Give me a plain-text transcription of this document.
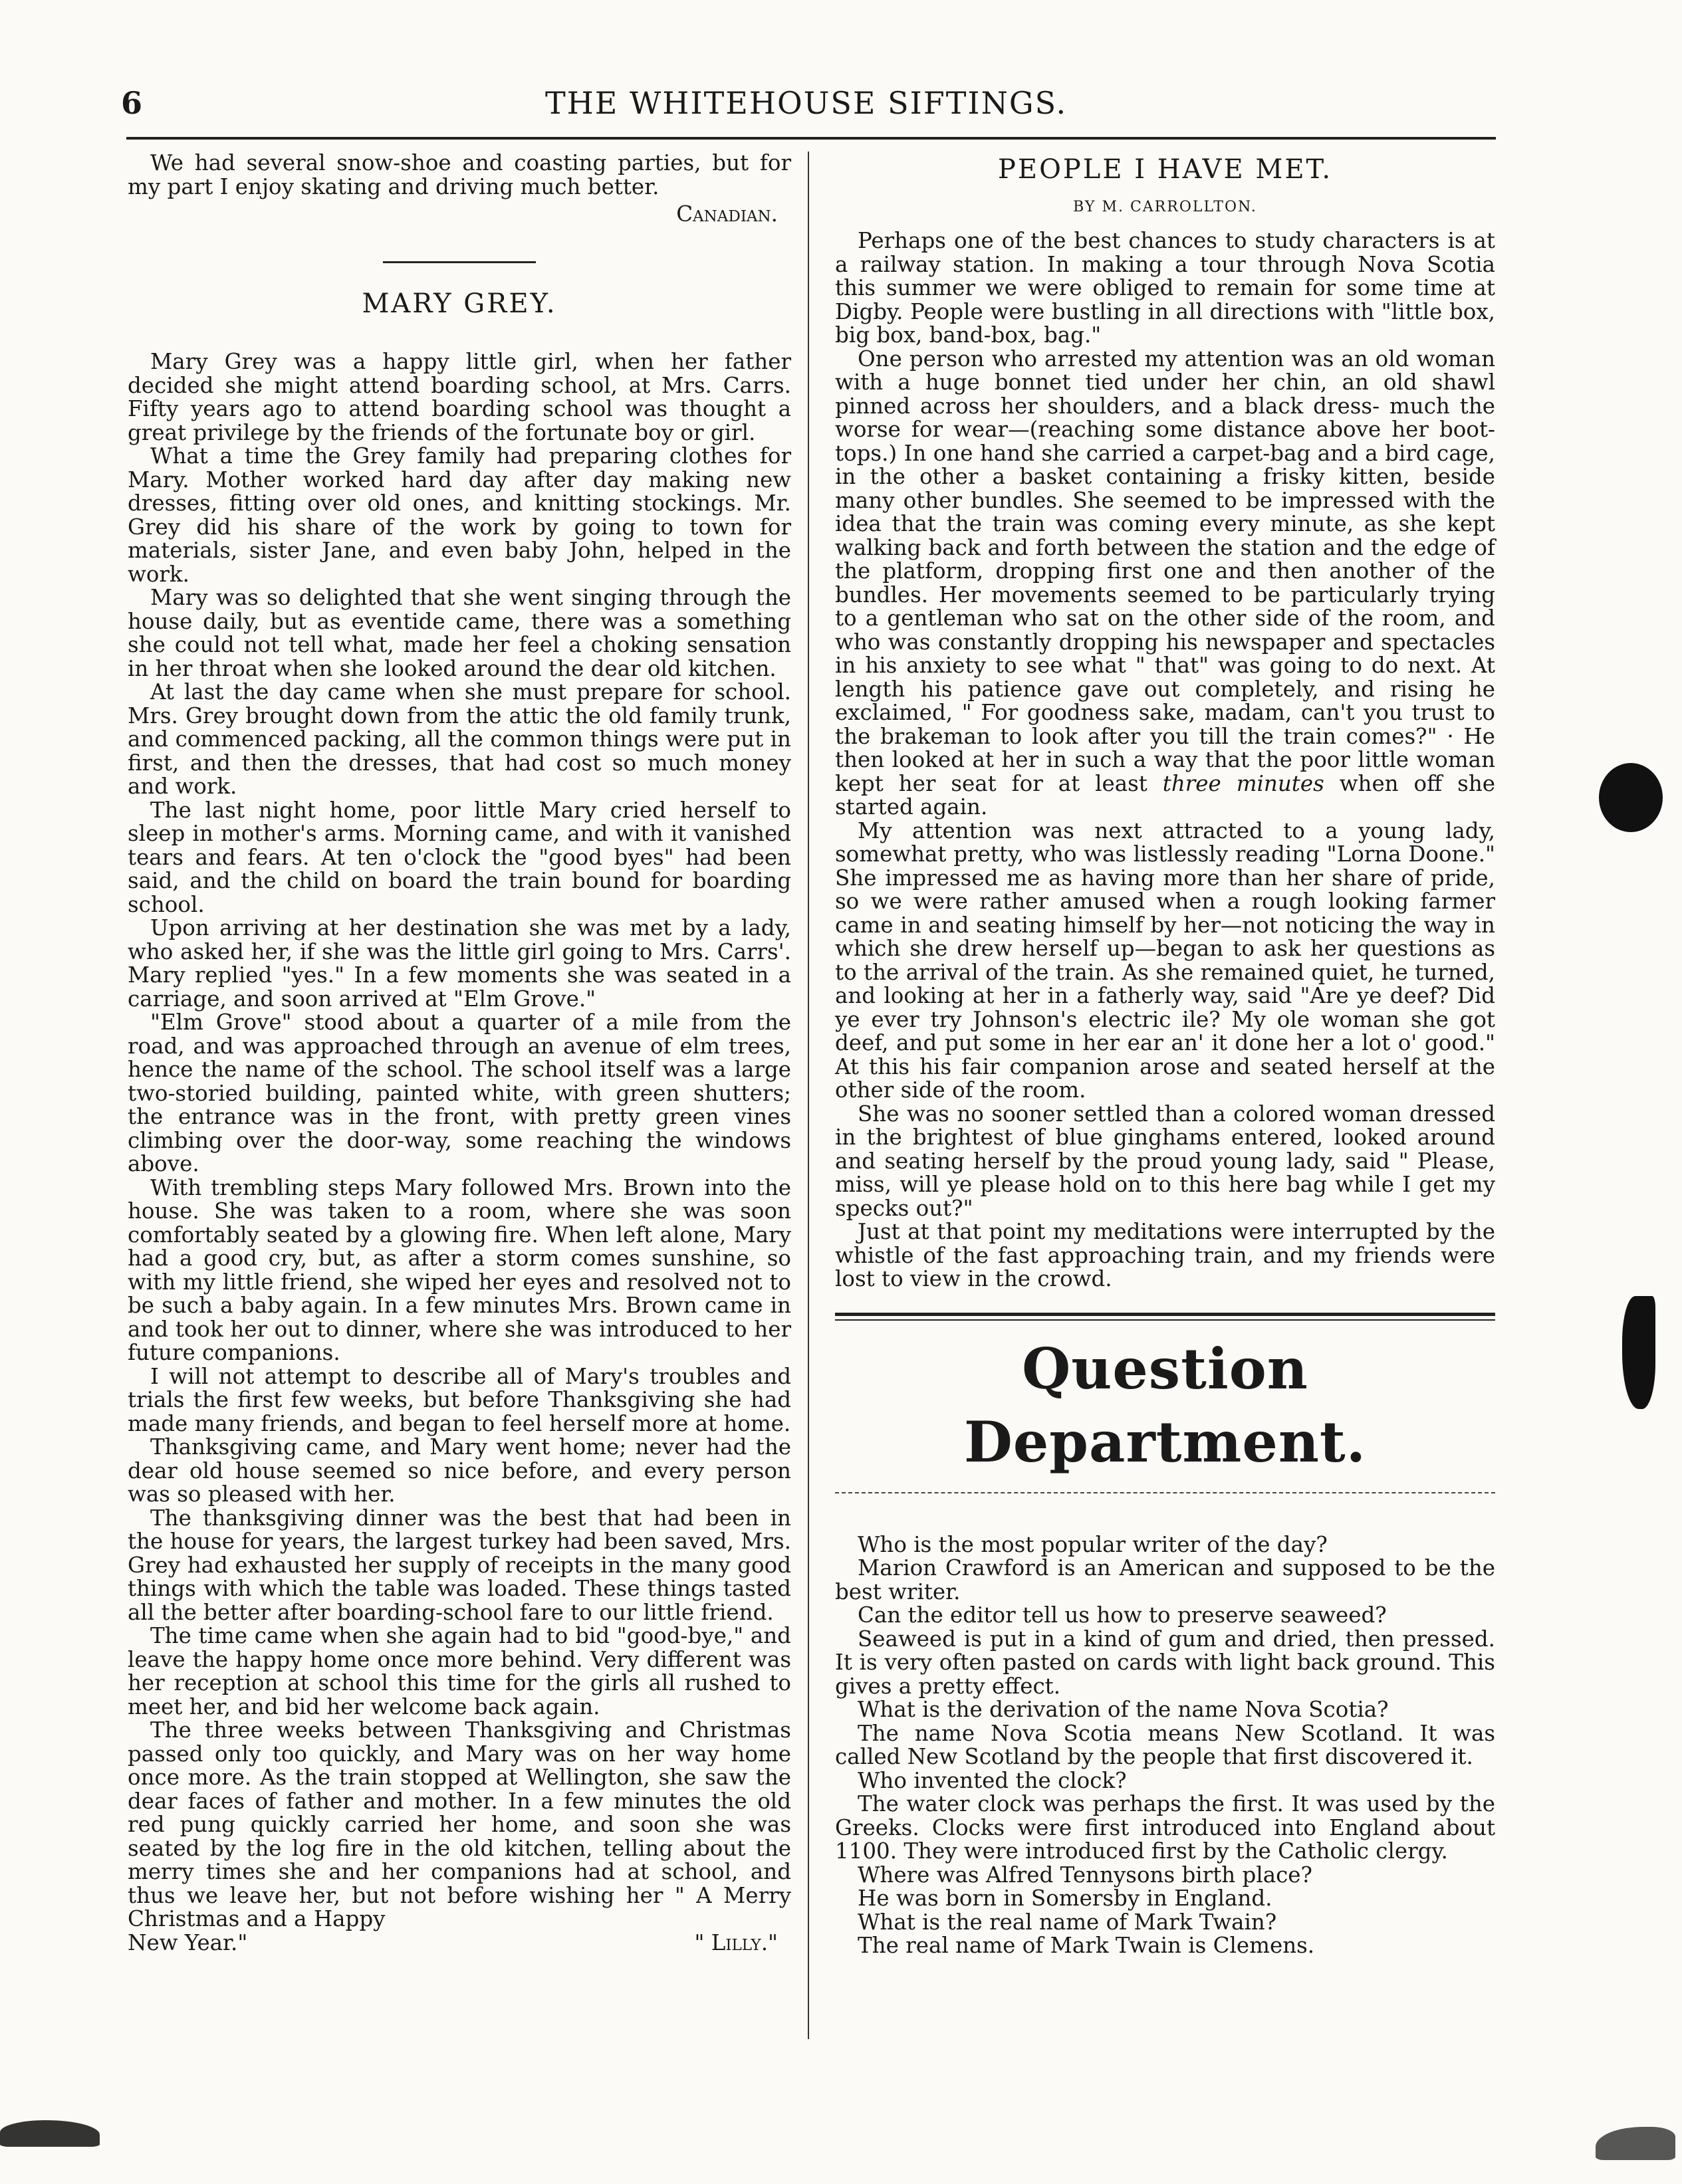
6	THE WHITEHOUSE SIFTINGS.

We had several snow-shoe and coasting parties, but for my part I enjoy skating and driving much better.

Canadian.

MARY GREY.

Mary Grey was a happy little girl, when her father decided she might attend boarding school, at Mrs. Carrs. Fifty years ago to attend boarding school was thought a great privilege by the friends of the fortunate boy or girl.

What a time the Grey family had preparing clothes for Mary. Mother worked hard day after day making new dresses, fitting over old ones, and knitting stockings. Mr. Grey did his share of the work by going to town for materials, sister Jane, and even baby John, helped in the work.

Mary was so delighted that she went singing through the house daily, but as eventide came, there was a something she could not tell what, made her feel a choking sensation in her throat when she looked around the dear old kitchen.

At last the day came when she must prepare for school. Mrs. Grey brought down from the attic the old family trunk, and commenced packing, all the common things were put in first, and then the dresses, that had cost so much money and work.

The last night home, poor little Mary cried herself to sleep in mother's arms. Morning came, and with it vanished tears and fears. At ten o'clock the "good byes" had been said, and the child on board the train bound for boarding school.

Upon arriving at her destination she was met by a lady, who asked her, if she was the little girl going to Mrs. Carrs'. Mary replied "yes." In a few moments she was seated in a carriage, and soon arrived at "Elm Grove."

"Elm Grove" stood about a quarter of a mile from the road, and was approached through an avenue of elm trees, hence the name of the school. The school itself was a large two-storied building, painted white, with green shutters; the entrance was in the front, with pretty green vines climbing over the door-way, some reaching the windows above.

With trembling steps Mary followed Mrs. Brown into the house. She was taken to a room, where she was soon comfortably seated by a glowing fire. When left alone, Mary had a good cry, but, as after a storm comes sunshine, so with my little friend, she wiped her eyes and resolved not to be such a baby again. In a few minutes Mrs. Brown came in and took her out to dinner, where she was introduced to her future companions.

I will not attempt to describe all of Mary's troubles and trials the first few weeks, but before Thanksgiving she had made many friends, and began to feel herself more at home.

Thanksgiving came, and Mary went home; never had the dear old house seemed so nice before, and every person was so pleased with her.

The thanksgiving dinner was the best that had been in the house for years, the largest turkey had been saved, Mrs. Grey had exhausted her supply of receipts in the many good things with which the table was loaded. These things tasted all the better after boarding-school fare to our little friend.

The time came when she again had to bid "good-bye," and leave the happy home once more behind. Very different was her reception at school this time for the girls all rushed to meet her, and bid her welcome back again.

The three weeks between Thanksgiving and Christmas passed only too quickly, and Mary was on her way home once more. As the train stopped at Wellington, she saw the dear faces of father and mother. In a few minutes the old red pung quickly carried her home, and soon she was seated by the log fire in the old kitchen, telling about the merry times she and her companions had at school, and thus we leave her, but not before wishing her " A Merry Christmas and a Happy

New Year."	" Lilly."

PEOPLE I HAVE MET.

BY M. CARROLLTON.

Perhaps one of the best chances to study characters is at a railway station. In making a tour through Nova Scotia this summer we were obliged to remain for some time at Digby. People were bustling in all directions with "little box, big box, band-box, bag."

One person who arrested my attention was an old woman with a huge bonnet tied under her chin, an old shawl pinned across her shoulders, and a black dress- much the worse for wear—(reaching some distance above her boot-tops.) In one hand she carried a carpet-bag and a bird cage, in the other a basket containing a frisky kitten, beside many other bundles. She seemed to be impressed with the idea that the train was coming every minute, as she kept walking back and forth between the station and the edge of the platform, dropping first one and then another of the bundles. Her movements seemed to be particularly trying to a gentleman who sat on the other side of the room, and who was constantly dropping his newspaper and spectacles in his anxiety to see what " that" was going to do next. At length his patience gave out completely, and rising he exclaimed, " For goodness sake, madam, can't you trust to the brakeman to look after you till the train comes?" · He then looked at her in such a way that the poor little woman kept her seat for at least three minutes when off she started again.

My attention was next attracted to a young lady, somewhat pretty, who was listlessly reading "Lorna Doone." She impressed me as having more than her share of pride, so we were rather amused when a rough looking farmer came in and seating himself by her—not noticing the way in which she drew herself up—began to ask her questions as to the arrival of the train. As she remained quiet, he turned, and looking at her in a fatherly way, said "Are ye deef? Did ye ever try Johnson's electric ile? My ole woman she got deef, and put some in her ear an' it done her a lot o' good." At this his fair companion arose and seated herself at the other side of the room.

She was no sooner settled than a colored woman dressed in the brightest of blue ginghams entered, looked around and seating herself by the proud young lady, said " Please, miss, will ye please hold on to this here bag while I get my specks out?"

Just at that point my meditations were interrupted by the whistle of the fast approaching train, and my friends were lost to view in the crowd.

Question Department.

Who is the most popular writer of the day?

Marion Crawford is an American and supposed to be the best writer.

Can the editor tell us how to preserve seaweed?

Seaweed is put in a kind of gum and dried, then pressed. It is very often pasted on cards with light back ground. This gives a pretty effect.

What is the derivation of the name Nova Scotia?

The name Nova Scotia means New Scotland. It was called New Scotland by the people that first discovered it.

Who invented the clock?

The water clock was perhaps the first. It was used by the Greeks. Clocks were first introduced into England about 1100. They were introduced first by the Catholic clergy.

Where was Alfred Tennysons birth place?

He was born in Somersby in England.

What is the real name of Mark Twain?

The real name of Mark Twain is Clemens.
